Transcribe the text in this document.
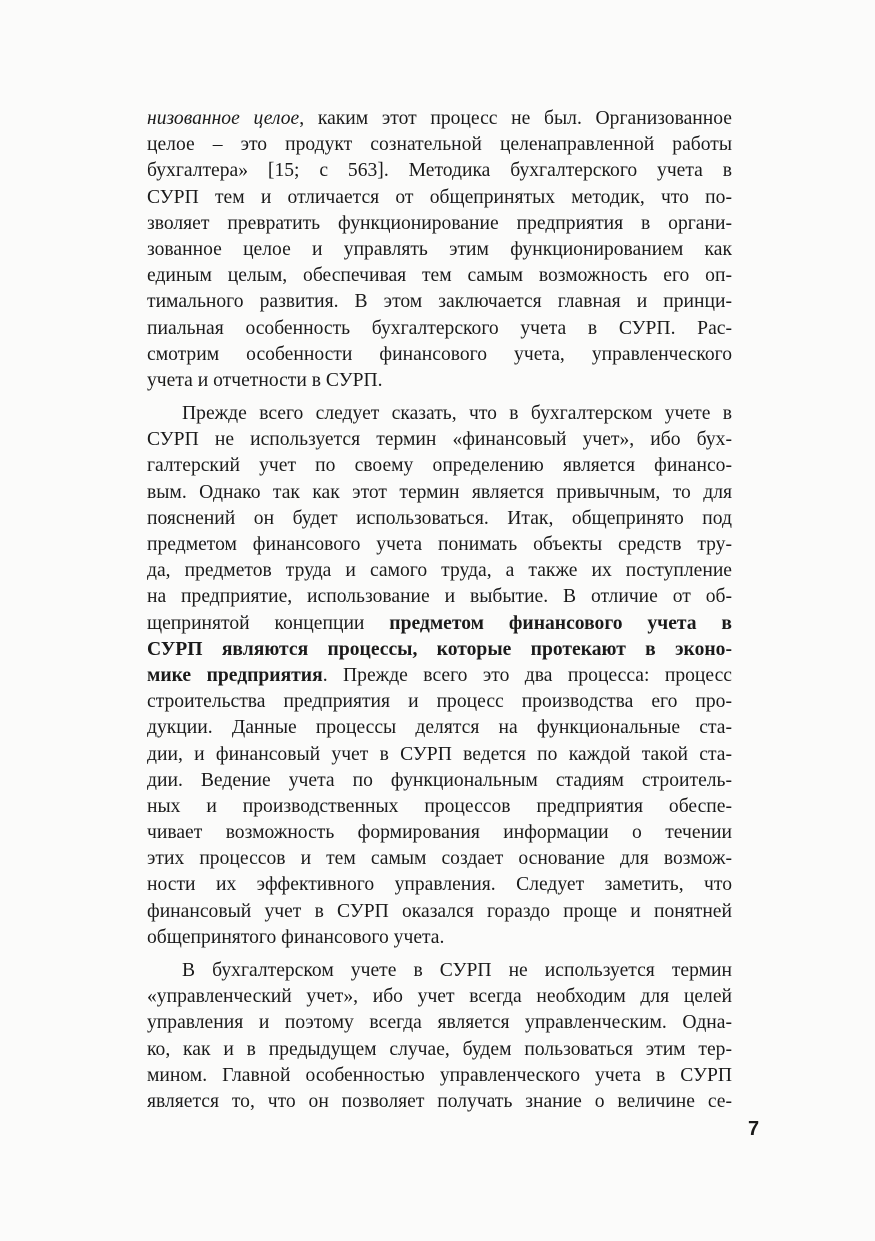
низованное целое, каким этот процесс не был. Организованное
целое – это продукт сознательной целенаправленной работы
бухгалтера» [15; с 563]. Методика бухгалтерского учета в
СУРП тем и отличается от общепринятых методик, что по-
зволяет превратить функционирование предприятия в органи-
зованное целое и управлять этим функционированием как
единым целым, обеспечивая тем самым возможность его оп-
тимального развития. В этом заключается главная и принци-
пиальная особенность бухгалтерского учета в СУРП. Рас-
смотрим особенности финансового учета, управленческого
учета и отчетности в СУРП.
Прежде всего следует сказать, что в бухгалтерском учете в
СУРП не используется термин «финансовый учет», ибо бух-
галтерский учет по своему определению является финансо-
вым. Однако так как этот термин является привычным, то для
пояснений он будет использоваться. Итак, общепринято под
предметом финансового учета понимать объекты средств тру-
да, предметов труда и самого труда, а также их поступление
на предприятие, использование и выбытие. В отличие от об-
щепринятой концепции предметом финансового учета в
СУРП являются процессы, которые протекают в эконо-
мике предприятия. Прежде всего это два процесса: процесс
строительства предприятия и процесс производства его про-
дукции. Данные процессы делятся на функциональные ста-
дии, и финансовый учет в СУРП ведется по каждой такой ста-
дии. Ведение учета по функциональным стадиям строитель-
ных и производственных процессов предприятия обеспе-
чивает возможность формирования информации о течении
этих процессов и тем самым создает основание для возмож-
ности их эффективного управления. Следует заметить, что
финансовый учет в СУРП оказался гораздо проще и понятней
общепринятого финансового учета.
В бухгалтерском учете в СУРП не используется термин
«управленческий учет», ибо учет всегда необходим для целей
управления и поэтому всегда является управленческим. Одна-
ко, как и в предыдущем случае, будем пользоваться этим тер-
мином. Главной особенностью управленческого учета в СУРП
является то, что он позволяет получать знание о величине се-
7
